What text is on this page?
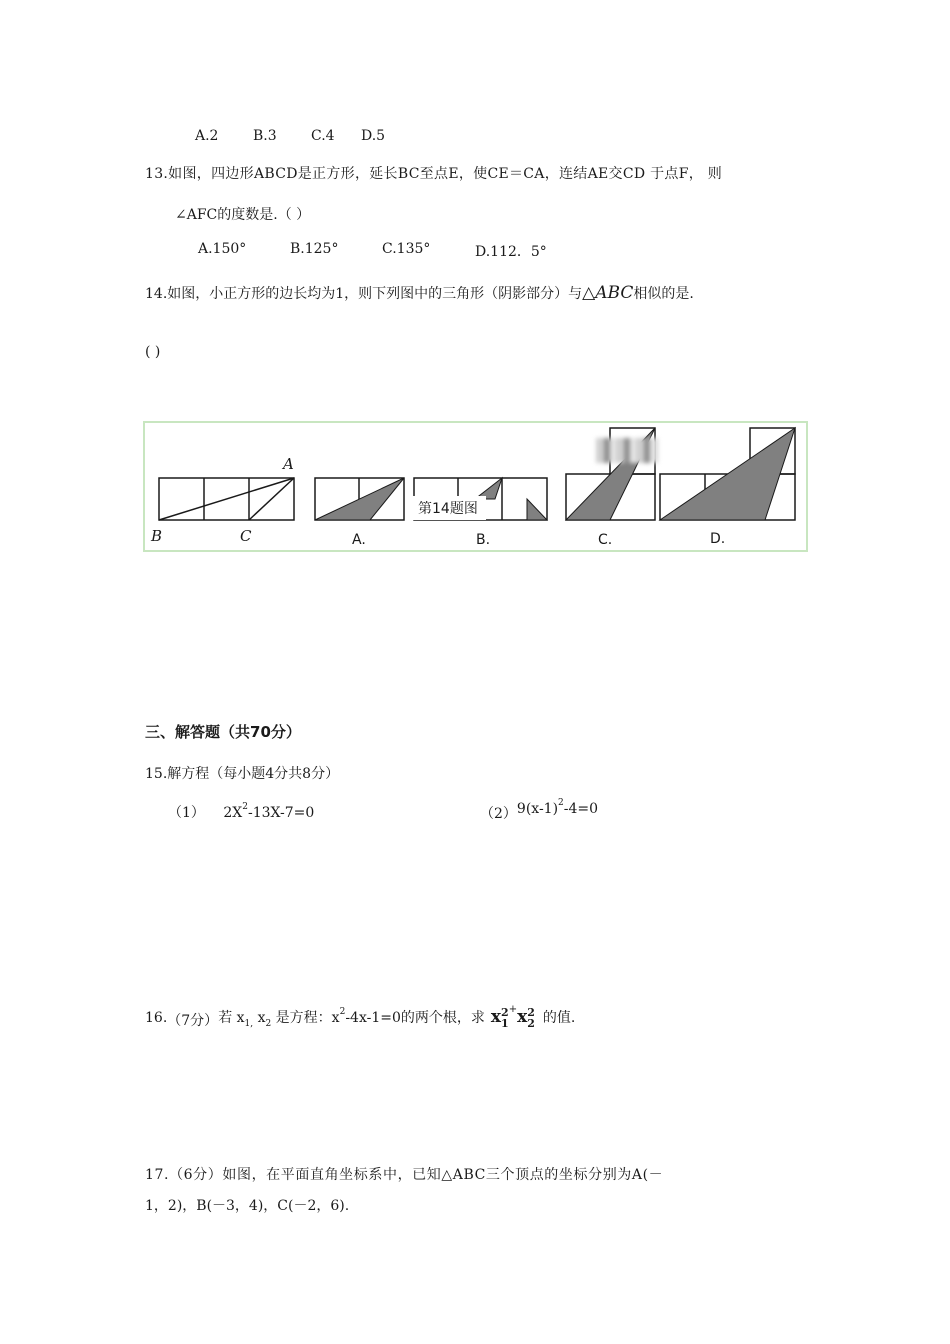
A.2 B.3 C.4 D.5
13.如图，四边形ABCD是正方形，延长BC至点E，使CE＝CA，连结AE交CD 于点F， 则
∠AFC的度数是.（ ）
A.150°	B.125°	C.135°	D.112．5°
14.如图，小正方形的边长均为1，则下列图中的三角形（阴影部分）与△ABC相似的是.
( )
A
B	C	A.	B.	C.	D.
第14题图
三、解答题（共70分）
15.解方程（每小题4分共8分）
（1） $2X^2-13X-7=0$	$(2)9(x-1)^2-4=0$
16.（7分）若 $x_{1,}$ $x_2$ 是方程：$x^2-4x-1=0$的两个根，求 x 2
1
+x 2
2 的值.
17.（6分）如图，在平面直角坐标系中，已知△ABC三个顶点的坐标分别为A(－
1，2)，B(－3，4)，C(－2，6).
